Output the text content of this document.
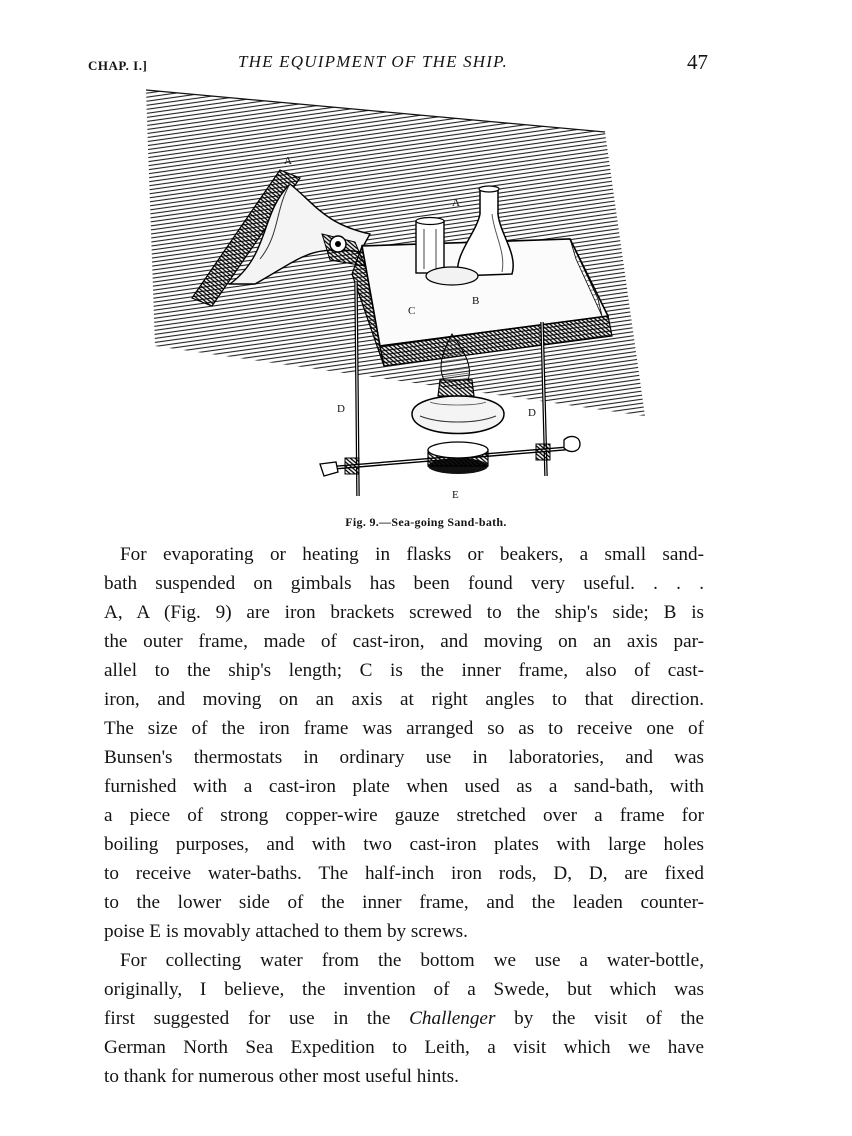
CHAP. I.]	THE EQUIPMENT OF THE SHIP.	47
A
A
B
C
D	D
E
Fig. 9.—Sea-going Sand-bath.

For evaporating or heating in flasks or beakers, a small sand-
bath suspended on gimbals has been found very useful. . . .
A, A (Fig. 9) are iron brackets screwed to the ship's side; B is
the outer frame, made of cast-iron, and moving on an axis par-
allel to the ship's length; C is the inner frame, also of cast-
iron, and moving on an axis at right angles to that direction.
The size of the iron frame was arranged so as to receive one of
Bunsen's thermostats in ordinary use in laboratories, and was
furnished with a cast-iron plate when used as a sand-bath, with
a piece of strong copper-wire gauze stretched over a frame for
boiling purposes, and with two cast-iron plates with large holes
to receive water-baths. The half-inch iron rods, D, D, are fixed
to the lower side of the inner frame, and the leaden counter-
poise E is movably attached to them by screws.

For collecting water from the bottom we use a water-bottle,
originally, I believe, the invention of a Swede, but which was
first suggested for use in the Challenger by the visit of the
German North Sea Expedition to Leith, a visit which we have
to thank for numerous other most useful hints.
